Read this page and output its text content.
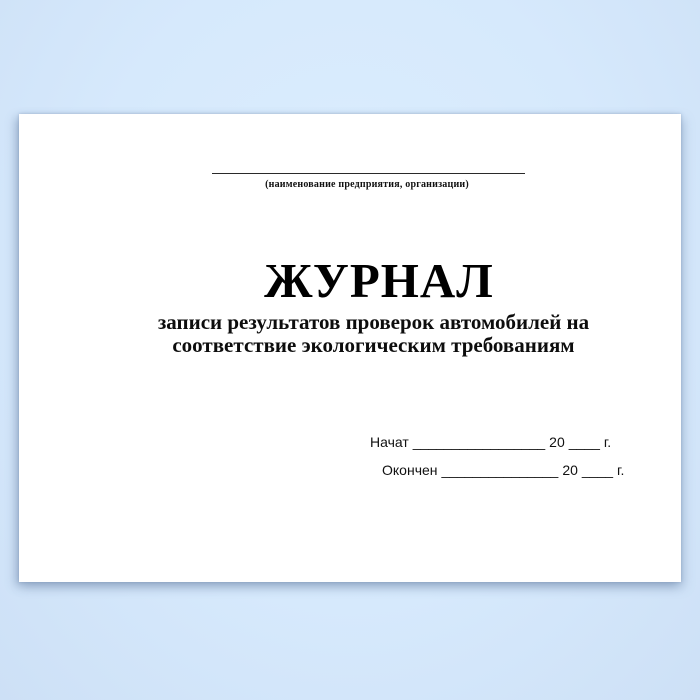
(наименование предприятия, организации)
ЖУРНАЛ
записи результатов проверок автомобилей на
соответствие экологическим требованиям
Начат _________________ 20 ____ г.
Окончен _______________ 20 ____ г.
